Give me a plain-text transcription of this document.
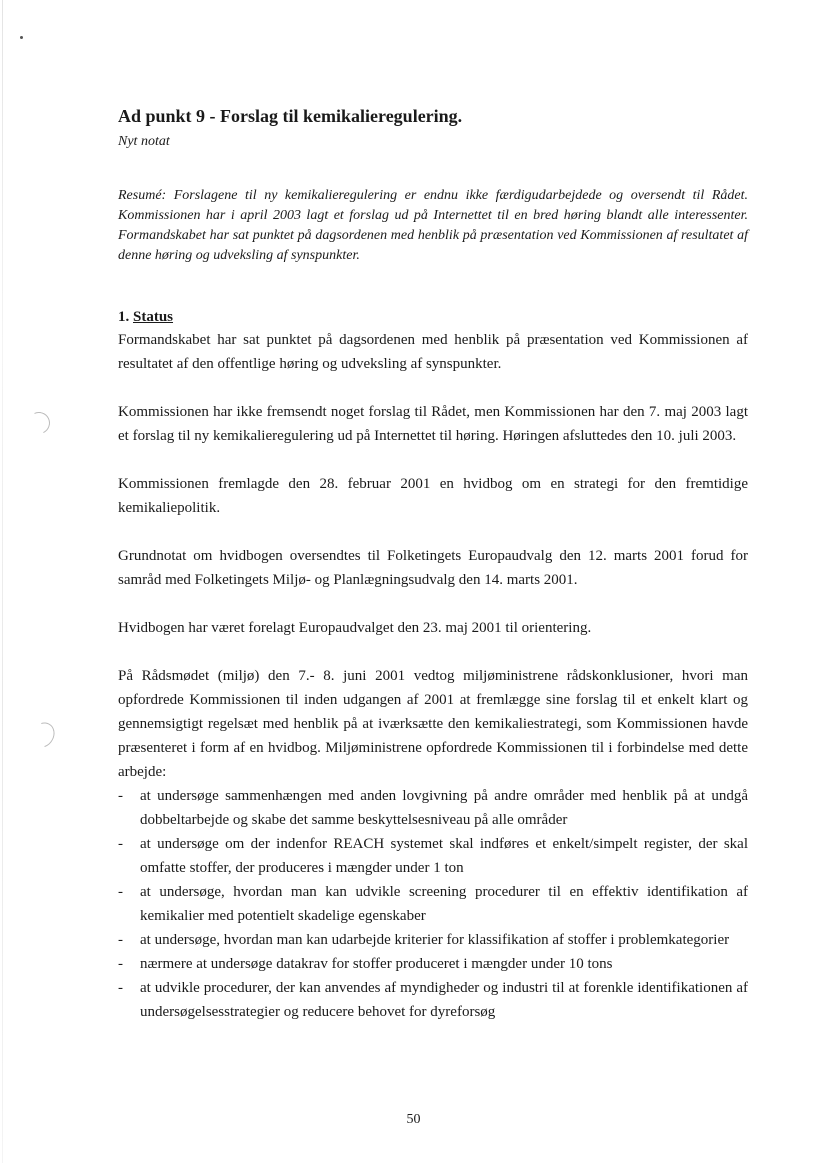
Ad punkt 9 - Forslag til kemikalieregulering.

Nyt notat

Resumé: Forslagene til ny kemikalieregulering er endnu ikke færdigudarbejdede og oversendt til Rådet. Kommissionen har i april 2003 lagt et forslag ud på Internettet til en bred høring blandt alle interessenter. Formandskabet har sat punktet på dagsordenen med henblik på præsentation ved Kommissionen af resultatet af denne høring og udveksling af synspunkter.

1. Status

Formandskabet har sat punktet på dagsordenen med henblik på præsentation ved Kommissionen af resultatet af den offentlige høring og udveksling af synspunkter.

Kommissionen har ikke fremsendt noget forslag til Rådet, men Kommissionen har den 7. maj 2003 lagt et forslag til ny kemikalieregulering ud på Internettet til høring. Høringen afsluttedes den 10. juli 2003.

Kommissionen fremlagde den 28. februar 2001 en hvidbog om en strategi for den fremtidige kemikaliepolitik.

Grundnotat om hvidbogen oversendtes til Folketingets Europaudvalg den 12. marts 2001 forud for samråd med Folketingets Miljø- og Planlægningsudvalg den 14. marts 2001.

Hvidbogen har været forelagt Europaudvalget den 23. maj 2001 til orientering.

På Rådsmødet (miljø) den 7.- 8. juni 2001 vedtog miljøministrene rådskonklusioner, hvori man opfordrede Kommissionen til inden udgangen af 2001 at fremlægge sine forslag til et enkelt klart og gennemsigtigt regelsæt med henblik på at iværksætte den kemikaliestrategi, som Kommissionen havde præsenteret i form af en hvidbog. Miljøministrene opfordrede Kommissionen til i forbindelse med dette arbejde:

- at undersøge sammenhængen med anden lovgivning på andre områder med henblik på at undgå dobbeltarbejde og skabe det samme beskyttelsesniveau på alle områder
- at undersøge om der indenfor REACH systemet skal indføres et enkelt/simpelt register, der skal omfatte stoffer, der produceres i mængder under 1 ton
- at undersøge, hvordan man kan udvikle screening procedurer til en effektiv identifikation af kemikalier med potentielt skadelige egenskaber
- at undersøge, hvordan man kan udarbejde kriterier for klassifikation af stoffer i problemkategorier
- nærmere at undersøge datakrav for stoffer produceret i mængder under 10 tons
- at udvikle procedurer, der kan anvendes af myndigheder og industri til at forenkle identifikationen af undersøgelsesstrategier og reducere behovet for dyreforsøg
50
